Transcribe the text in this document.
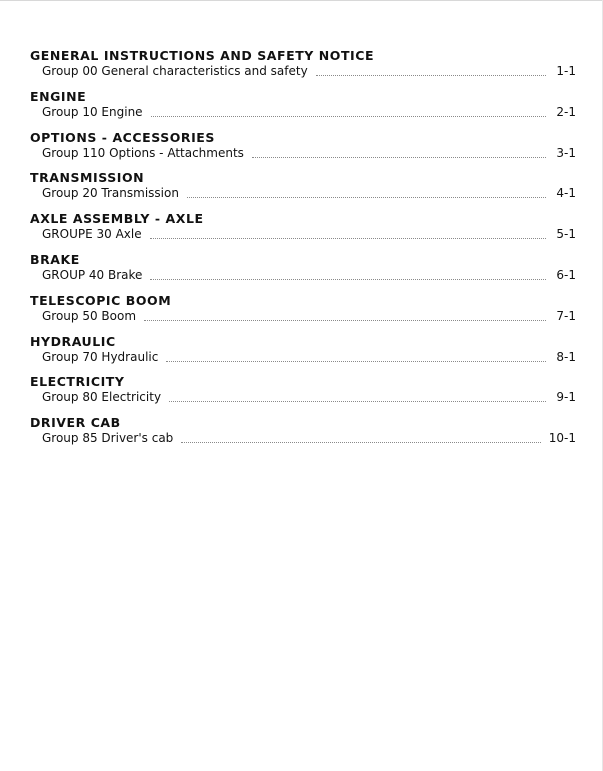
GENERAL INSTRUCTIONS AND SAFETY NOTICE
Group 00 General characteristics and safety	1-1
ENGINE
Group 10 Engine	2-1
OPTIONS - ACCESSORIES
Group 110 Options - Attachments	3-1
TRANSMISSION
Group 20 Transmission	4-1
AXLE ASSEMBLY - AXLE
GROUPE 30 Axle	5-1
BRAKE
GROUP 40 Brake	6-1
TELESCOPIC BOOM
Group 50 Boom	7-1
HYDRAULIC
Group 70 Hydraulic	8-1
ELECTRICITY
Group 80 Electricity	9-1
DRIVER CAB
Group 85 Driver's cab	10-1
